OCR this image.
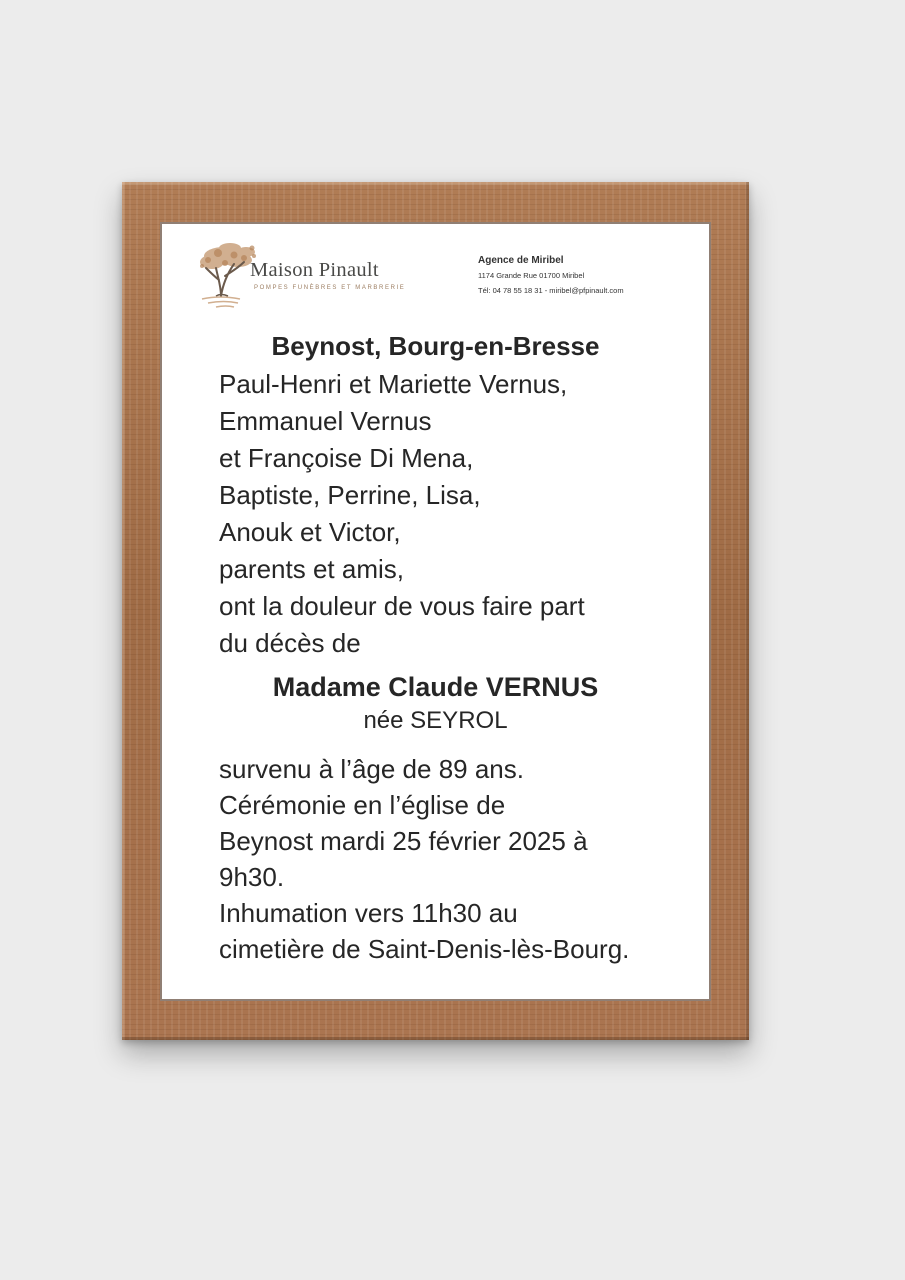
Maison Pinault
POMPES FUNÈBRES ET MARBRERIE
Agence de Miribel
1174 Grande Rue 01700 Miribel
Tél: 04 78 55 18 31 - miribel@pfpinault.com
Beynost, Bourg-en-Bresse
Paul-Henri et Mariette Vernus,
Emmanuel Vernus
et Françoise Di Mena,
Baptiste, Perrine, Lisa,
Anouk et Victor,
parents et amis,
ont la douleur de vous faire part
du décès de
Madame Claude VERNUS
née SEYROL
survenu à l’âge de 89 ans.
Cérémonie en l’église de
Beynost mardi 25 février 2025 à
9h30.
Inhumation vers 11h30 au
cimetière de Saint-Denis-lès-Bourg.
